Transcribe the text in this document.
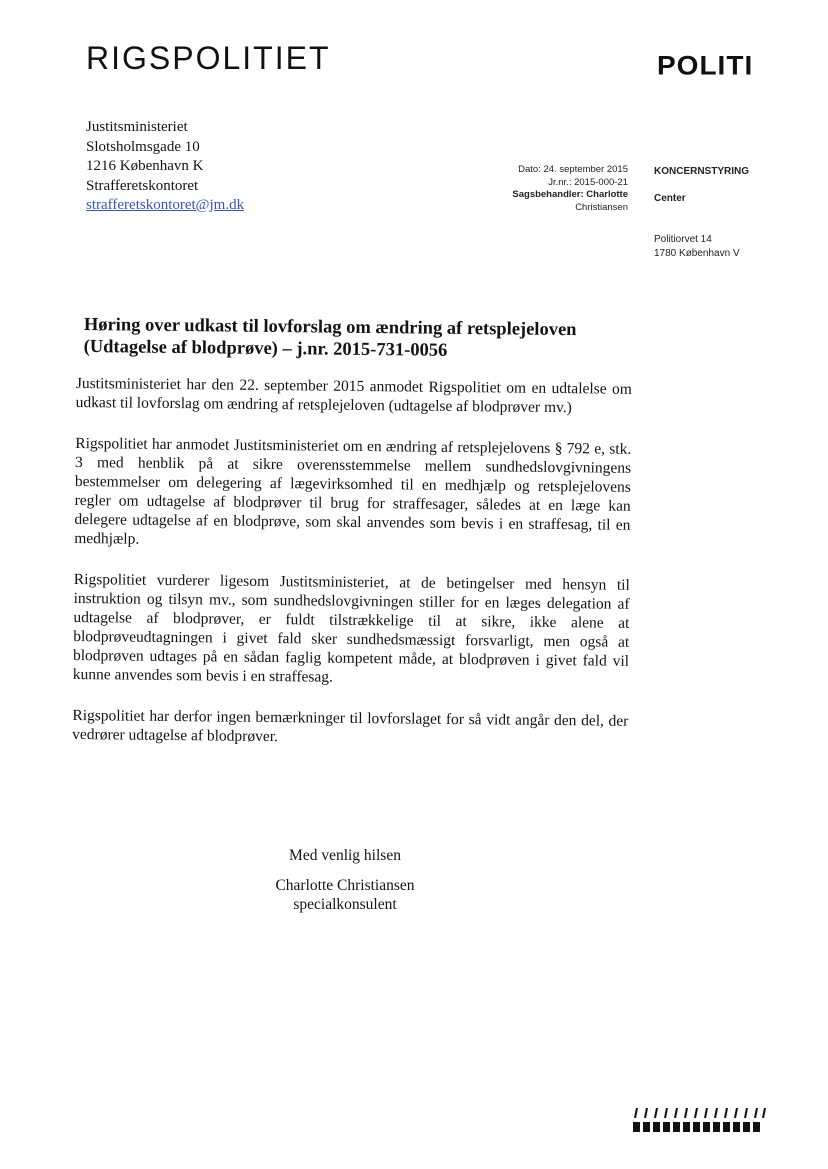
RIGSPOLITIET	POLITI
Justitsministeriet
Slotsholmsgade 10
1216 København K
Strafferetskontoret
strafferetskontoret@jm.dk
Dato: 24. september 2015
Jr.nr.: 2015-000-21
Sagsbehandler: Charlotte
Christiansen
KONCERNSTYRING
Center
Politiorvet 14
1780 København V
Høring over udkast til lovforslag om ændring af retsplejeloven
(Udtagelse af blodprøve) – j.nr. 2015-731-0056

Justitsministeriet har den 22. september 2015 anmodet Rigspolitiet om en udtalelse om udkast til lovforslag om ændring af retsplejeloven (udtagelse af blodprøver mv.)

Rigspolitiet har anmodet Justitsministeriet om en ændring af retsplejelovens § 792 e, stk. 3 med henblik på at sikre overensstemmelse mellem sundhedslovgivningens bestemmelser om delegering af lægevirksomhed til en medhjælp og retsplejelovens regler om udtagelse af blodprøver til brug for straffesager, således at en læge kan delegere udtagelse af en blodprøve, som skal anvendes som bevis i en straffesag, til en medhjælp.

Rigspolitiet vurderer ligesom Justitsministeriet, at de betingelser med hensyn til instruktion og tilsyn mv., som sundhedslovgivningen stiller for en læges delegation af udtagelse af blodprøver, er fuldt tilstrækkelige til at sikre, ikke alene at blodprøveudtagningen i givet fald sker sundhedsmæssigt forsvarligt, men også at blodprøven udtages på en sådan faglig kompetent måde, at blodprøven i givet fald vil kunne anvendes som bevis i en straffesag.

Rigspolitiet har derfor ingen bemærkninger til lovforslaget for så vidt angår den del, der vedrører udtagelse af blodprøver.

Med venlig hilsen
Charlotte Christiansen
specialkonsulent
